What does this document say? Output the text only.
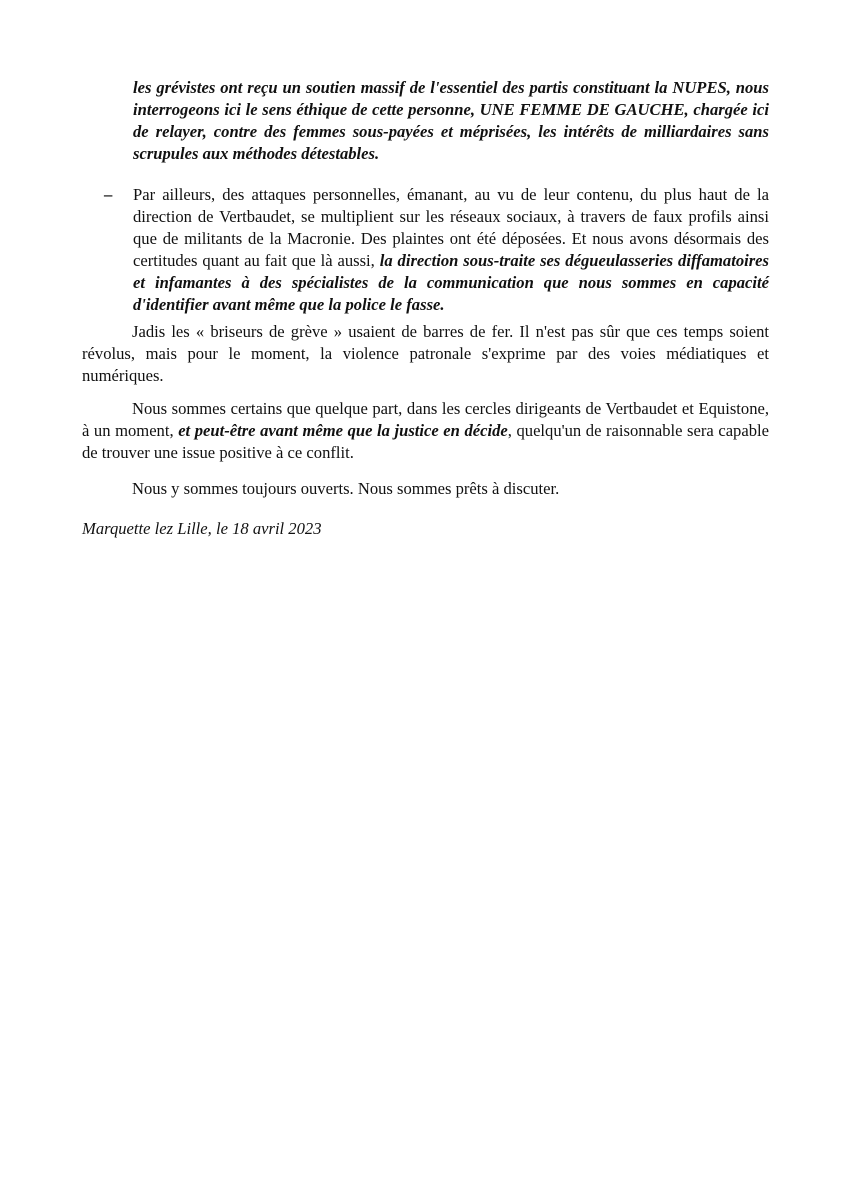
les grévistes ont reçu un soutien massif de l'essentiel des partis constituant la NUPES, nous interrogeons ici le sens éthique de cette personne, UNE FEMME DE GAUCHE, chargée ici de relayer, contre des femmes sous-payées et méprisées, les intérêts de milliardaires sans scrupules aux méthodes détestables.

– Par ailleurs, des attaques personnelles, émanant, au vu de leur contenu, du plus haut de la direction de Vertbaudet, se multiplient sur les réseaux sociaux, à travers de faux profils ainsi que de militants de la Macronie. Des plaintes ont été déposées. Et nous avons désormais des certitudes quant au fait que là aussi, la direction sous-traite ses dégueulasseries diffamatoires et infamantes à des spécialistes de la communication que nous sommes en capacité d'identifier avant même que la police le fasse.

Jadis les « briseurs de grève » usaient de barres de fer. Il n'est pas sûr que ces temps soient révolus, mais pour le moment, la violence patronale s'exprime par des voies médiatiques et numériques.

Nous sommes certains que quelque part, dans les cercles dirigeants de Vertbaudet et Equistone, à un moment, et peut-être avant même que la justice en décide, quelqu'un de raisonnable sera capable de trouver une issue positive à ce conflit.

Nous y sommes toujours ouverts. Nous sommes prêts à discuter.

Marquette lez Lille, le 18 avril 2023
